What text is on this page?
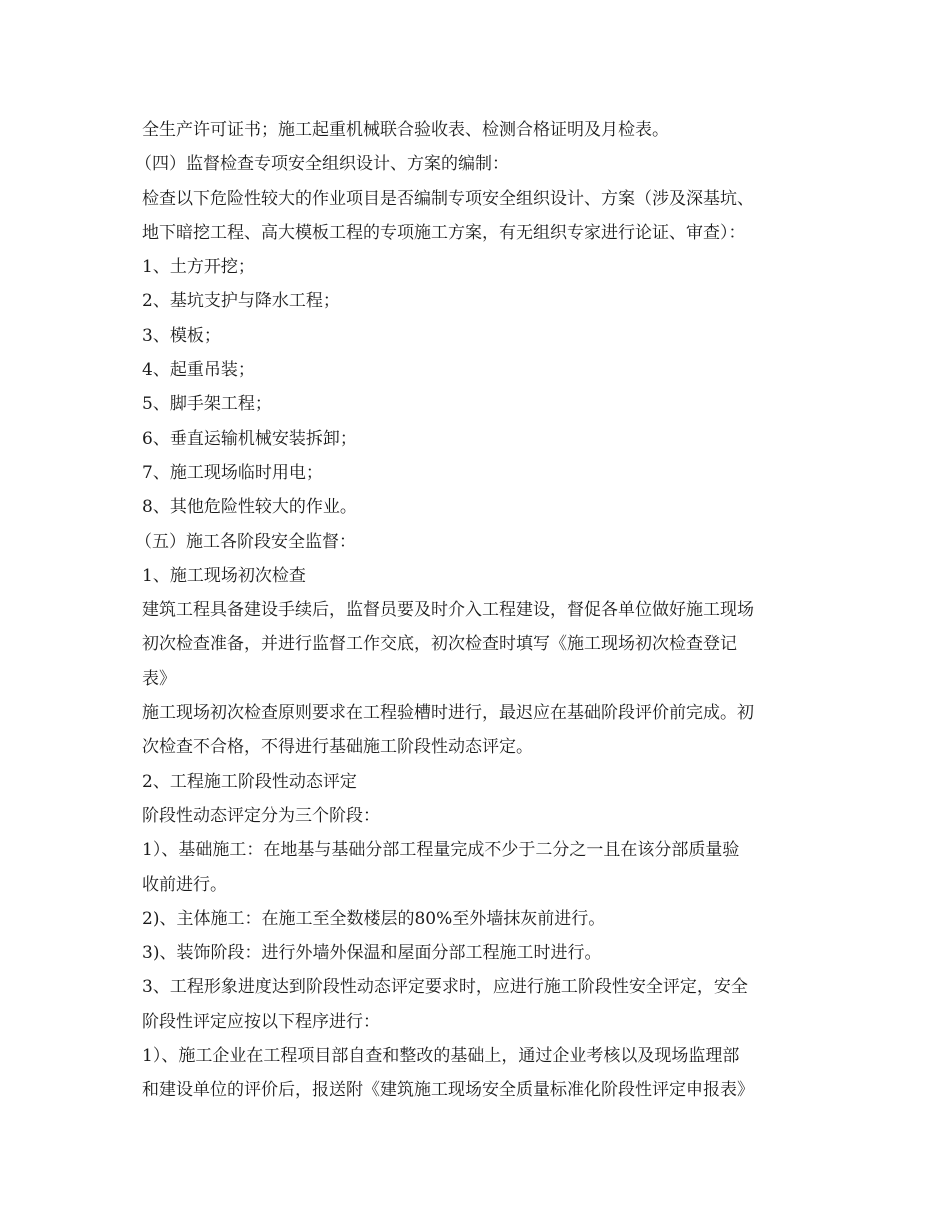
全生产许可证书；施工起重机械联合验收表、检测合格证明及月检表。
（四）监督检查专项安全组织设计、方案的编制：
检查以下危险性较大的作业项目是否编制专项安全组织设计、方案（涉及深基坑、
地下暗挖工程、高大模板工程的专项施工方案，有无组织专家进行论证、审查）：
1、土方开挖；
2、基坑支护与降水工程；
3、模板；
4、起重吊装；
5、脚手架工程；
6、垂直运输机械安装拆卸；
7、施工现场临时用电；
8、其他危险性较大的作业。
（五）施工各阶段安全监督：
1、施工现场初次检查
建筑工程具备建设手续后，监督员要及时介入工程建设，督促各单位做好施工现场
初次检查准备，并进行监督工作交底，初次检查时填写《施工现场初次检查登记
表》
施工现场初次检查原则要求在工程验槽时进行，最迟应在基础阶段评价前完成。初
次检查不合格，不得进行基础施工阶段性动态评定。
2、工程施工阶段性动态评定
阶段性动态评定分为三个阶段：
1）、基础施工：在地基与基础分部工程量完成不少于二分之一且在该分部质量验
收前进行。
2)、主体施工：在施工至全数楼层的80%至外墙抹灰前进行。
3)、装饰阶段：进行外墙外保温和屋面分部工程施工时进行。
3、工程形象进度达到阶段性动态评定要求时，应进行施工阶段性安全评定，安全
阶段性评定应按以下程序进行：
1）、施工企业在工程项目部自查和整改的基础上，通过企业考核以及现场监理部
和建设单位的评价后，报送附《建筑施工现场安全质量标准化阶段性评定申报表》
